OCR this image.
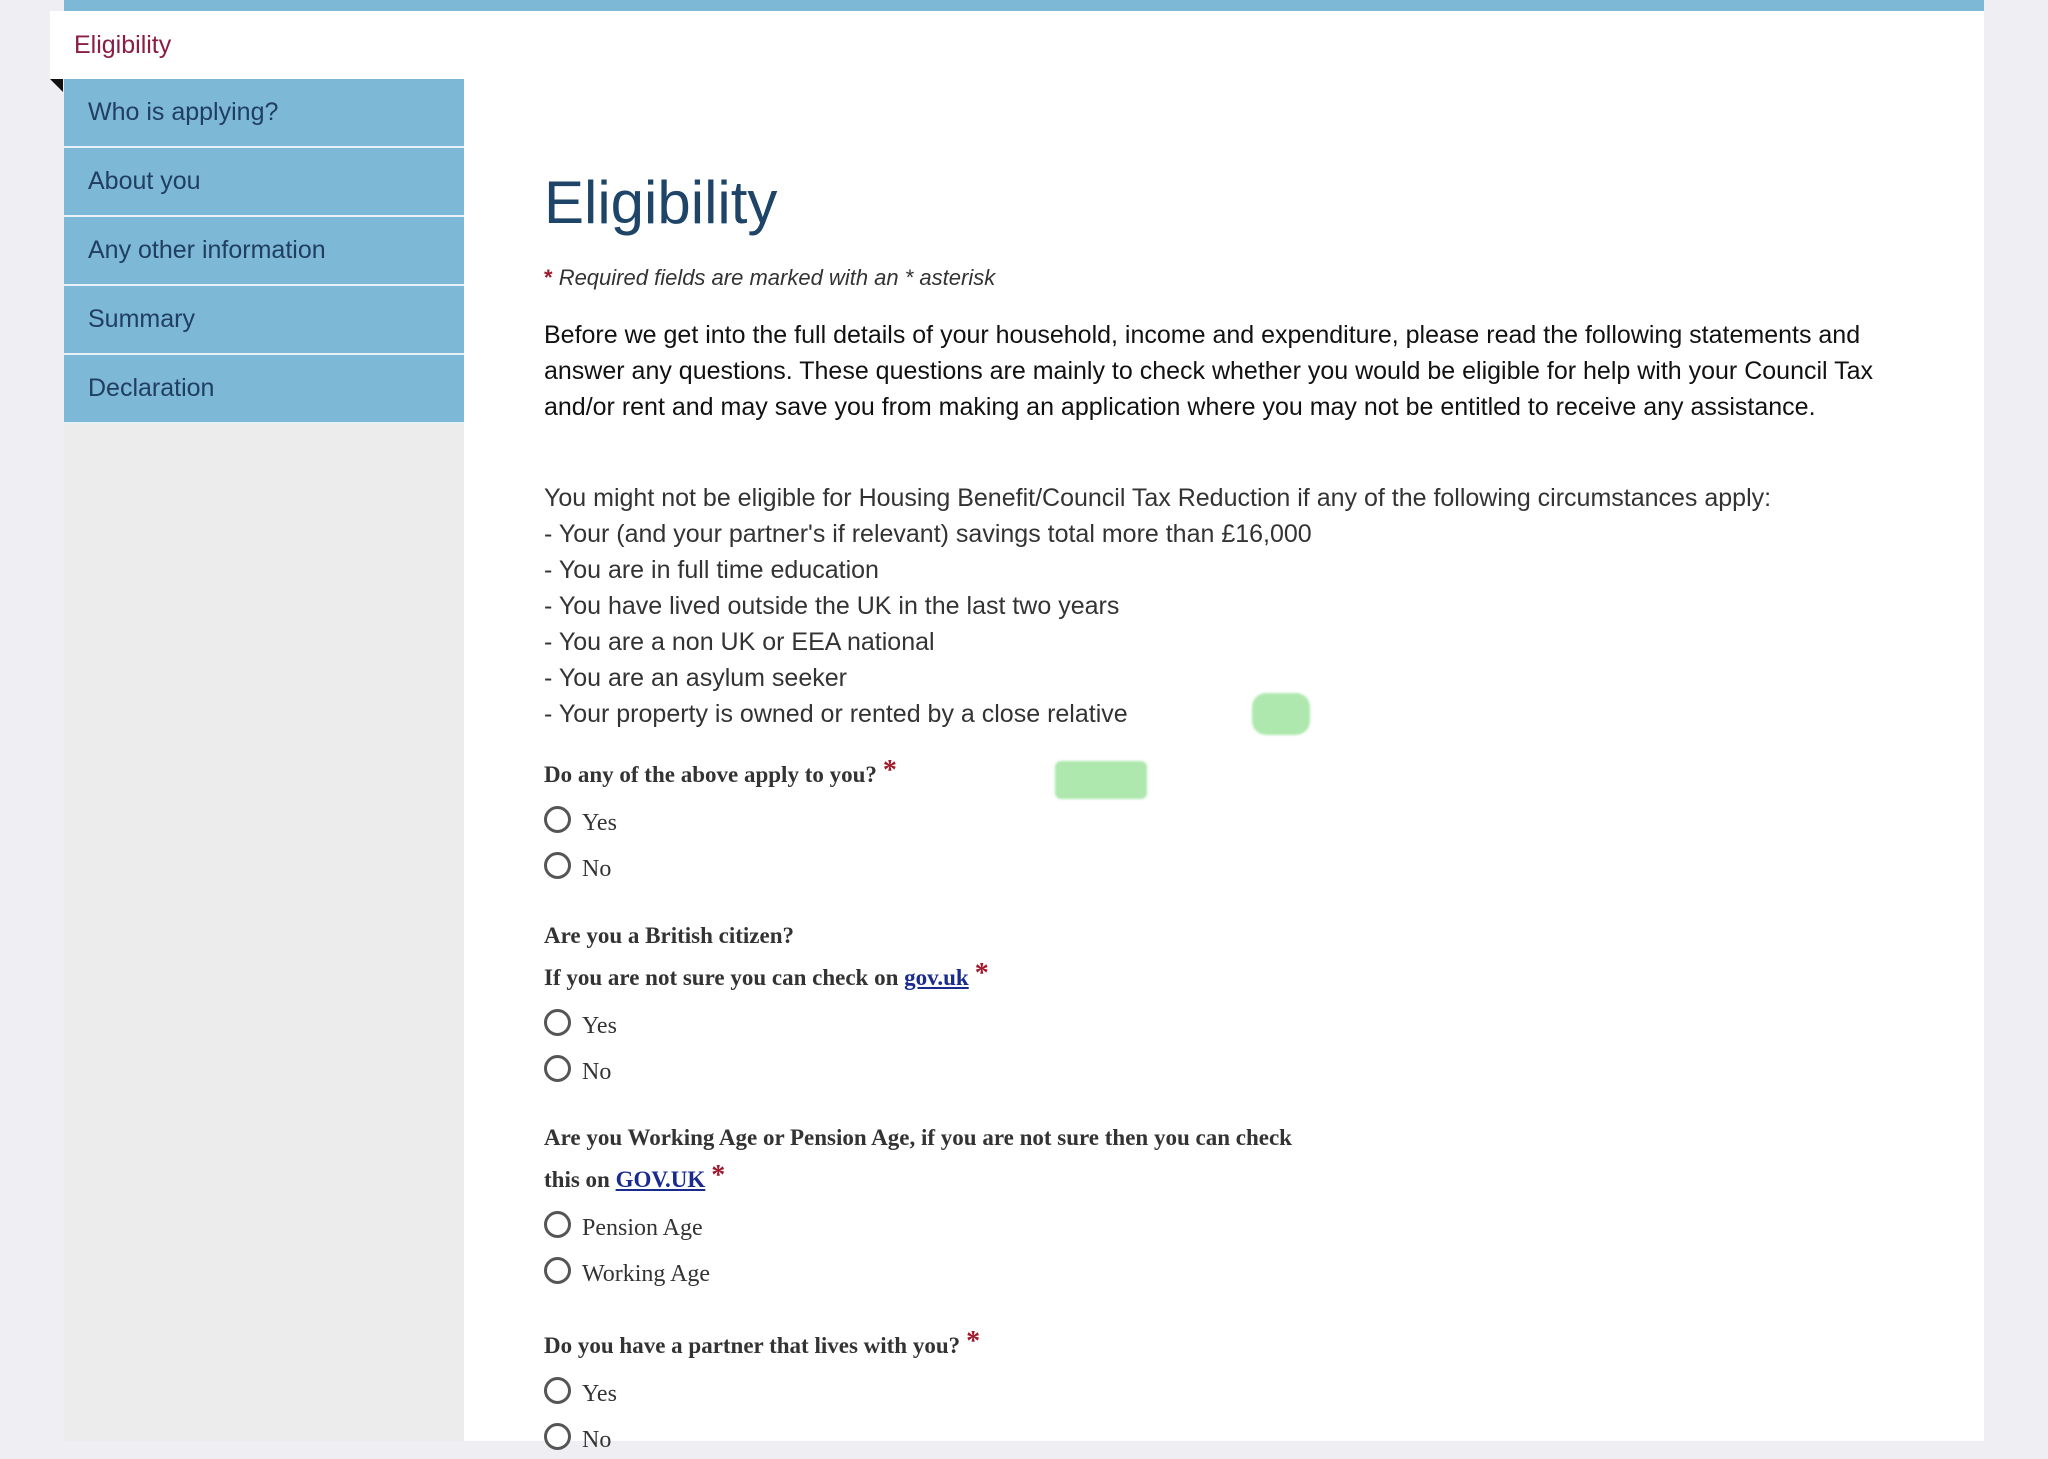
Eligibility
Who is applying?
About you
Any other information
Summary
Declaration
Eligibility
* Required fields are marked with an * asterisk

Before we get into the full details of your household, income and expenditure, please read the following statements and answer any questions. These questions are mainly to check whether you would be eligible for help with your Council Tax and/or rent and may save you from making an application where you may not be entitled to receive any assistance.

You might not be eligible for Housing Benefit/Council Tax Reduction if any of the following circumstances apply:

- Your (and your partner's if relevant) savings total more than £16,000
- You are in full time education
- You have lived outside the UK in the last two years
- You are a non UK or EEA national
- You are an asylum seeker
- Your property is owned or rented by a close relative
Do any of the above apply to you? *
Yes
No
Are you a British citizen?
If you are not sure you can check on gov.uk *
Yes
No
Are you Working Age or Pension Age, if you are not sure then you can check
this on GOV.UK *
Pension Age
Working Age
Do you have a partner that lives with you? *
Yes
No
